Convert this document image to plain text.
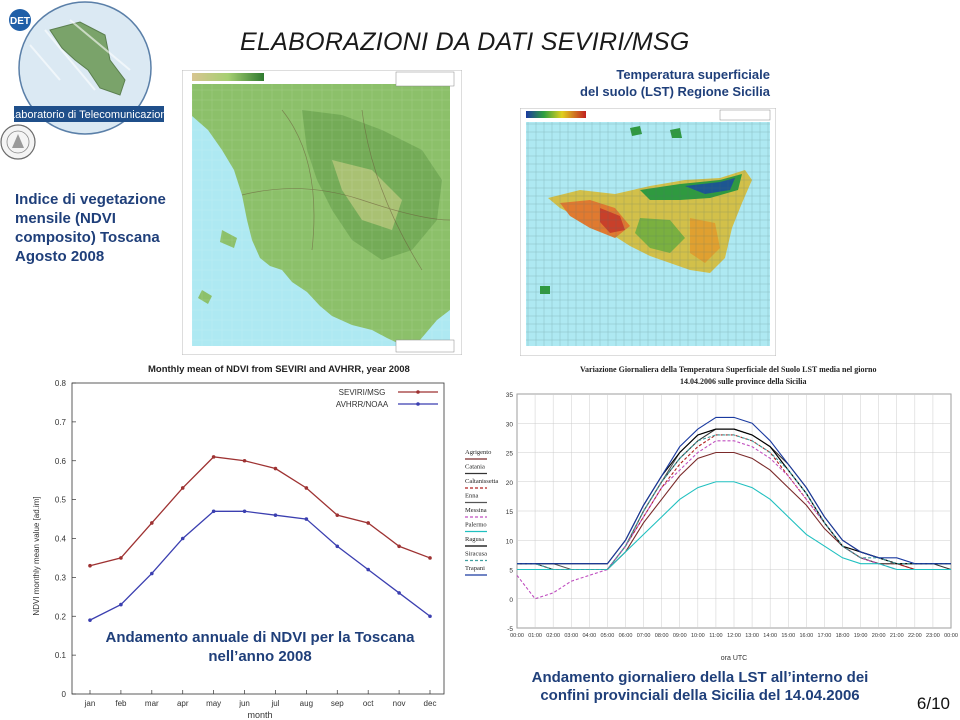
ELABORAZIONI DA DATI SEVIRI/MSG
DET
Laboratorio di Telecomunicazioni
Temperatura superficiale
del suolo (LST) Regione Sicilia
Indice di vegetazione
mensile (NDVI
composito) Toscana
Agosto 2008
Monthly mean of NDVI from SEVIRI and AVHRR, year 2008
NDVI monthly mean value [ad.im]
month
0
0.1
0.2
0.3
0.4
0.5
0.6
0.7
0.8
jan	feb mar apr may jun	jul	aug sep oct nov dec
SEVIRI/MSG
AVHRR/NOAA
Andamento annuale di NDVI per la Toscana
nell’anno 2008
Variazione Giornaliera della Temperatura Superficiale del Suolo LST media nel giorno
14.04.2006 sulle province della Sicilia
ora UTC
-5
0
5
10
15
20
25
30
35
00:00 01:00 02:00 03:00 04:00 05:00 06:00 07:00 08:00 09:00 10:00 11:00 12:00 13:00 14:00 15:00 16:00 17:00 18:00 19:00 20:00 21:00 22:00 23:00 00:00
Agrigento
Catania
Caltanissetta
Enna
Messina
Palermo
Ragusa
Siracusa
Trapani
Andamento giornaliero della LST all’interno dei
confini provinciali della Sicilia del 14.04.2006	6/10
